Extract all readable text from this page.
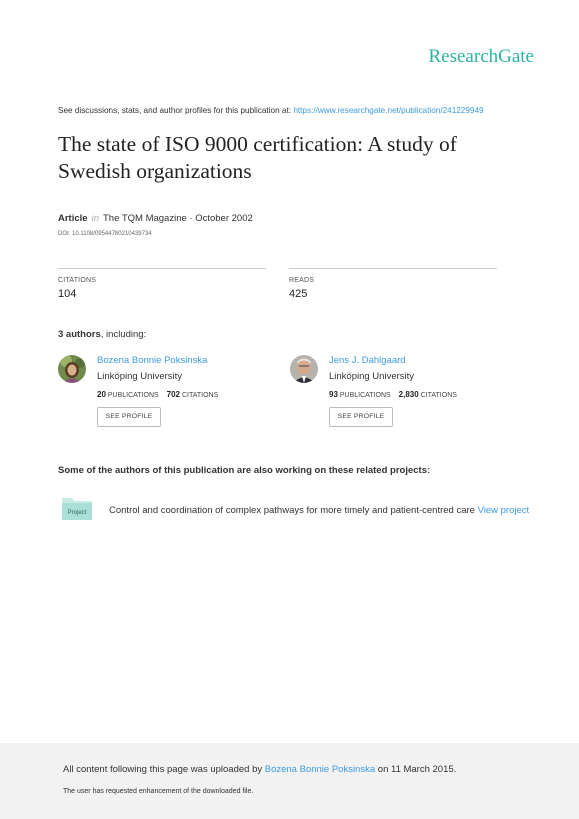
ResearchGate
See discussions, stats, and author profiles for this publication at: https://www.researchgate.net/publication/241229949
The state of ISO 9000 certification: A study of Swedish organizations
Article in The TQM Magazine · October 2002
DOI: 10.1108/09544780210439734
CITATIONS
104
READS
425
3 authors, including:
Bozena Bonnie Poksinska
Linköping University
20 PUBLICATIONS 702 CITATIONS
SEE PROFILE
Jens J. Dahlgaard
Linköping University
93 PUBLICATIONS 2,830 CITATIONS
SEE PROFILE
Some of the authors of this publication are also working on these related projects:
Project Control and coordination of complex pathways for more timely and patient-centred care View project
All content following this page was uploaded by Bozena Bonnie Poksinska on 11 March 2015.
The user has requested enhancement of the downloaded file.
